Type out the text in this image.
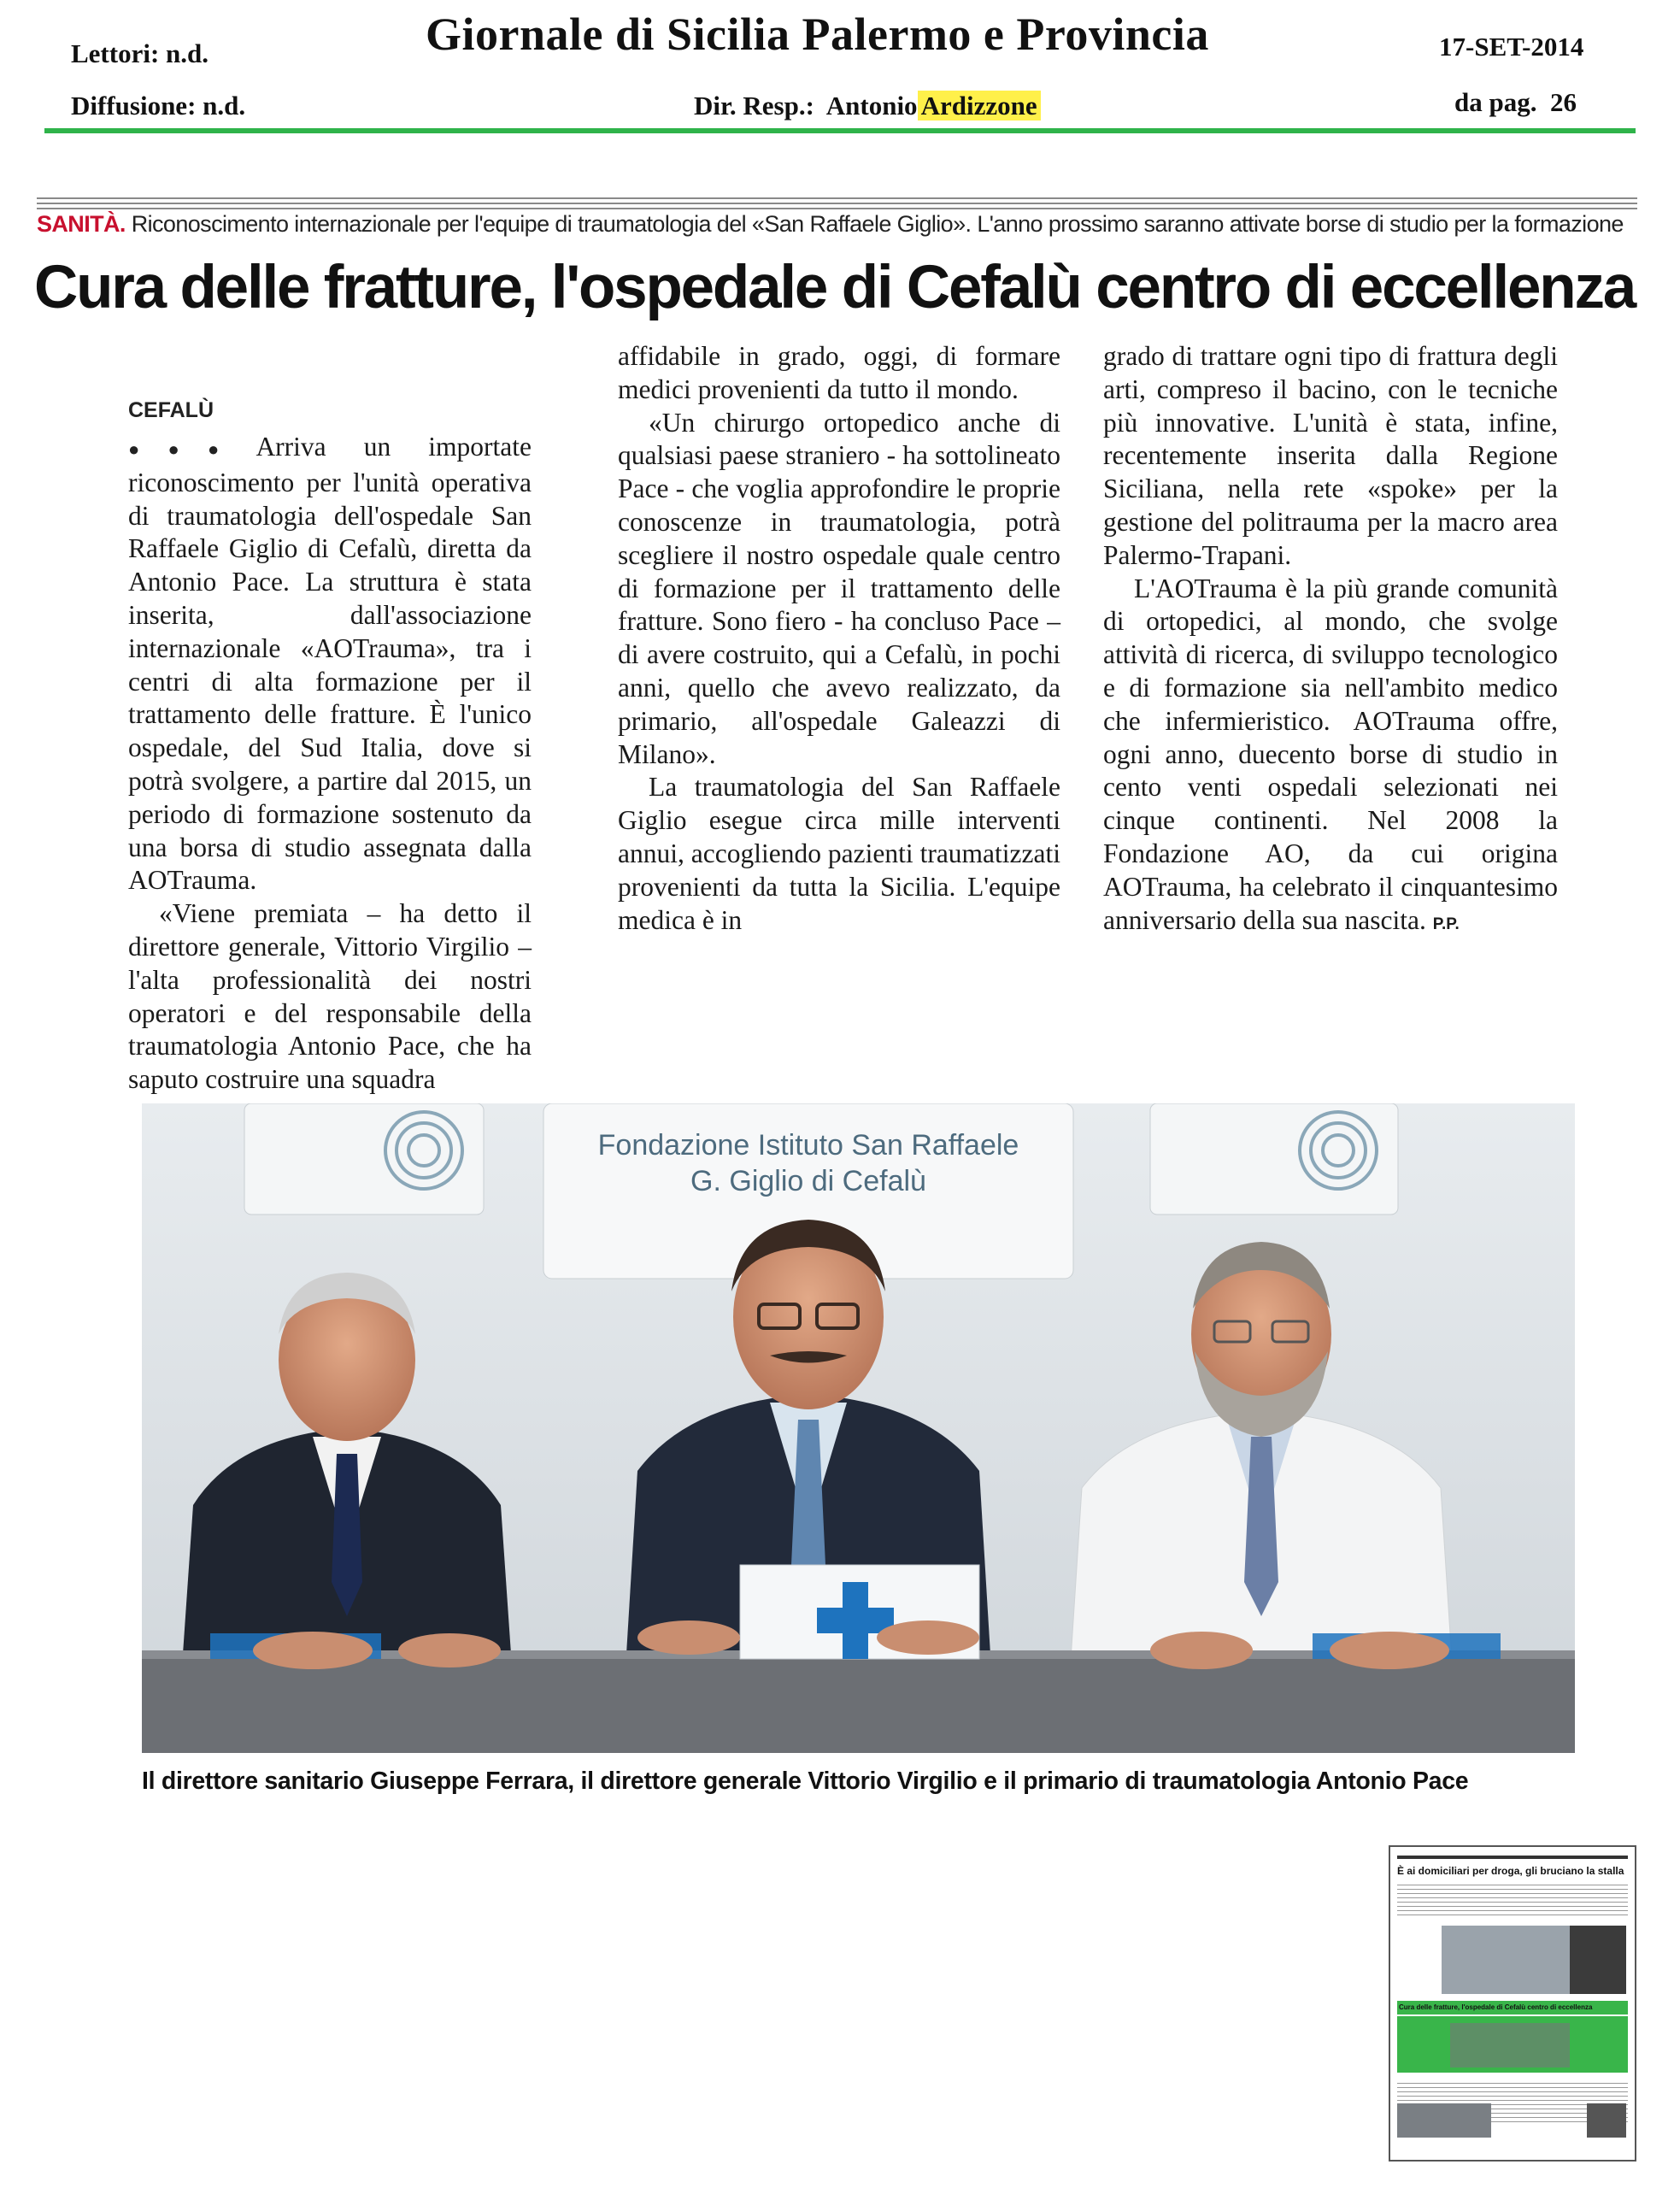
Lettori: n.d.	Giornale di Sicilia Palermo e Provincia	17-SET-2014
Diffusione: n.d.	Dir. Resp.: Antonio Ardizzone	da pag. 26
SANITÀ. Riconoscimento internazionale per l'equipe di traumatologia del «San Raffaele Giglio». L'anno prossimo saranno attivate borse di studio per la formazione
Cura delle fratture, l'ospedale di Cefalù centro di eccellenza
CEFALÙ

●●● Arriva un importate riconoscimento per l'unità operativa di traumatologia dell'ospedale San Raffaele Giglio di Cefalù, diretta da Antonio Pace. La struttura è stata inserita, dall'associazione internazionale «AOTrauma», tra i centri di alta formazione per il trattamento delle fratture. È l'unico ospedale, del Sud Italia, dove si potrà svolgere, a partire dal 2015, un periodo di formazione sostenuto da una borsa di studio assegnata dalla AOTrauma.

«Viene premiata – ha detto il direttore generale, Vittorio Virgilio – l'alta professionalità dei nostri operatori e del responsabile della traumatologia Antonio Pace, che ha saputo costruire una squadra

affidabile in grado, oggi, di formare medici provenienti da tutto il mondo.

«Un chirurgo ortopedico anche di qualsiasi paese straniero - ha sottolineato Pace - che voglia approfondire le proprie conoscenze in traumatologia, potrà scegliere il nostro ospedale quale centro di formazione per il trattamento delle fratture. Sono fiero - ha concluso Pace – di avere costruito, qui a Cefalù, in pochi anni, quello che avevo realizzato, da primario, all'ospedale Galeazzi di Milano».

La traumatologia del San Raffaele Giglio esegue circa mille interventi annui, accogliendo pazienti traumatizzati provenienti da tutta la Sicilia. L'equipe medica è in

grado di trattare ogni tipo di frattura degli arti, compreso il bacino, con le tecniche più innovative. L'unità è stata, infine, recentemente inserita dalla Regione Siciliana, nella rete «spoke» per la gestione del politrauma per la macro area Palermo-Trapani.

L'AOTrauma è la più grande comunità di ortopedici, al mondo, che svolge attività di ricerca, di sviluppo tecnologico e di formazione sia nell'ambito medico che infermieristico. AOTrauma offre, ogni anno, duecento borse di studio in cento venti ospedali selezionati nei cinque continenti. Nel 2008 la Fondazione AO, da cui origina AOTrauma, ha celebrato il cinquantesimo anniversario della sua nascita. P.P.

Fondazione Istituto San Raffaele
G. Giglio di Cefalù
Il direttore sanitario Giuseppe Ferrara, il direttore generale Vittorio Virgilio e il primario di traumatologia Antonio Pace
È ai domiciliari per droga, gli bruciano la stalla
Cura delle fratture, l'ospedale di Cefalù centro di eccellenza
